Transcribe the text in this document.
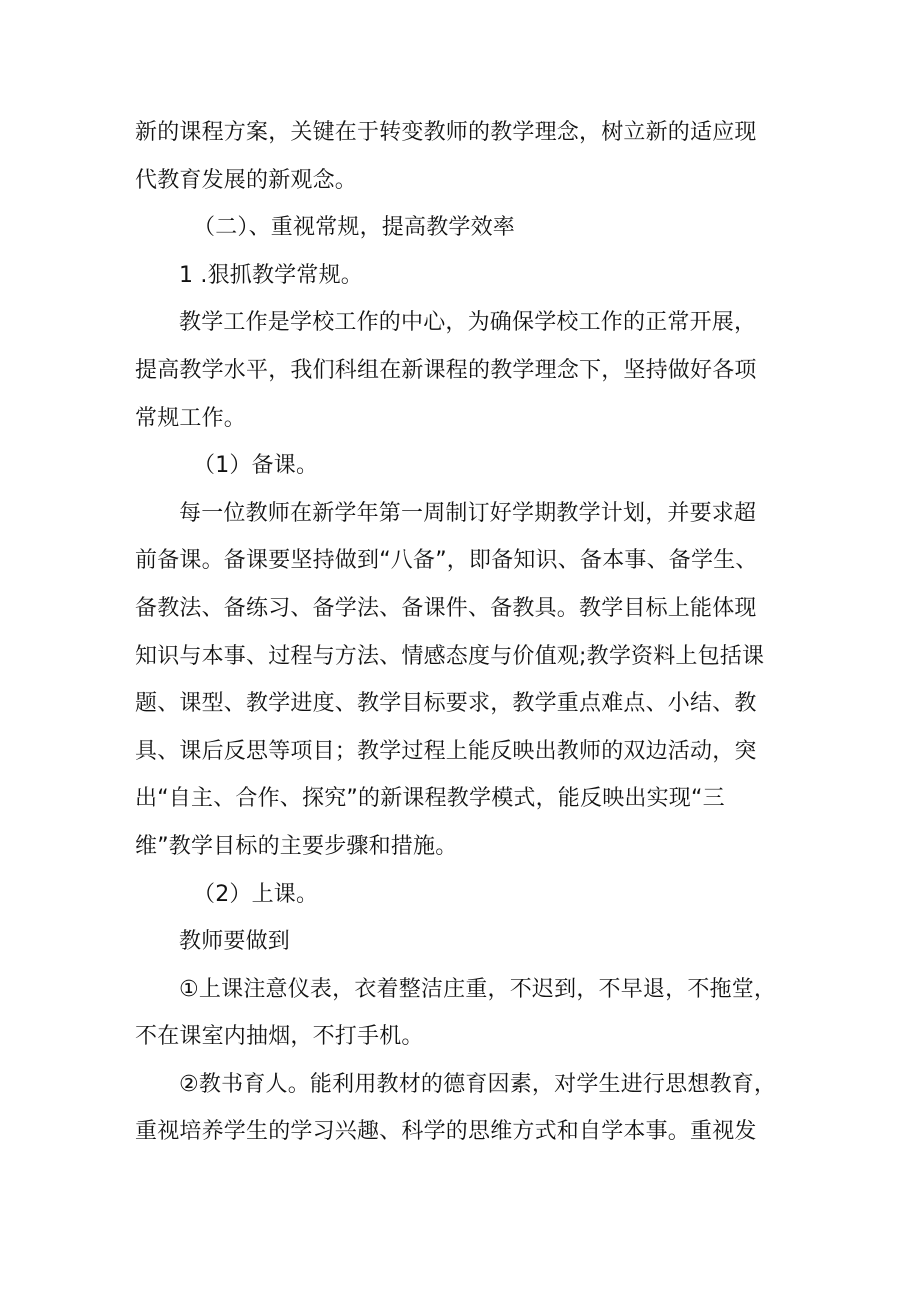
新的课程方案，关键在于转变教师的教学理念，树立新的适应现

代教育发展的新观念。

（二）、重视常规，提高教学效率

1 .狠抓教学常规。

教学工作是学校工作的中心，为确保学校工作的正常开展，

提高教学水平，我们科组在新课程的教学理念下，坚持做好各项

常规工作。

（1）备课。

每一位教师在新学年第一周制订好学期教学计划，并要求超

前备课。备课要坚持做到“八备”，即备知识、备本事、备学生、

备教法、备练习、备学法、备课件、备教具。教学目标上能体现

知识与本事、过程与方法、情感态度与价值观;教学资料上包括课

题、课型、教学进度、教学目标要求，教学重点难点、小结、教

具、课后反思等项目；教学过程上能反映出教师的双边活动，突

出“自主、合作、探究”的新课程教学模式，能反映出实现“三

维”教学目标的主要步骤和措施。

（2）上课。

教师要做到

①上课注意仪表，衣着整洁庄重，不迟到，不早退，不拖堂，

不在课室内抽烟，不打手机。

②教书育人。能利用教材的德育因素，对学生进行思想教育，

重视培养学生的学习兴趣、科学的思维方式和自学本事。重视发
